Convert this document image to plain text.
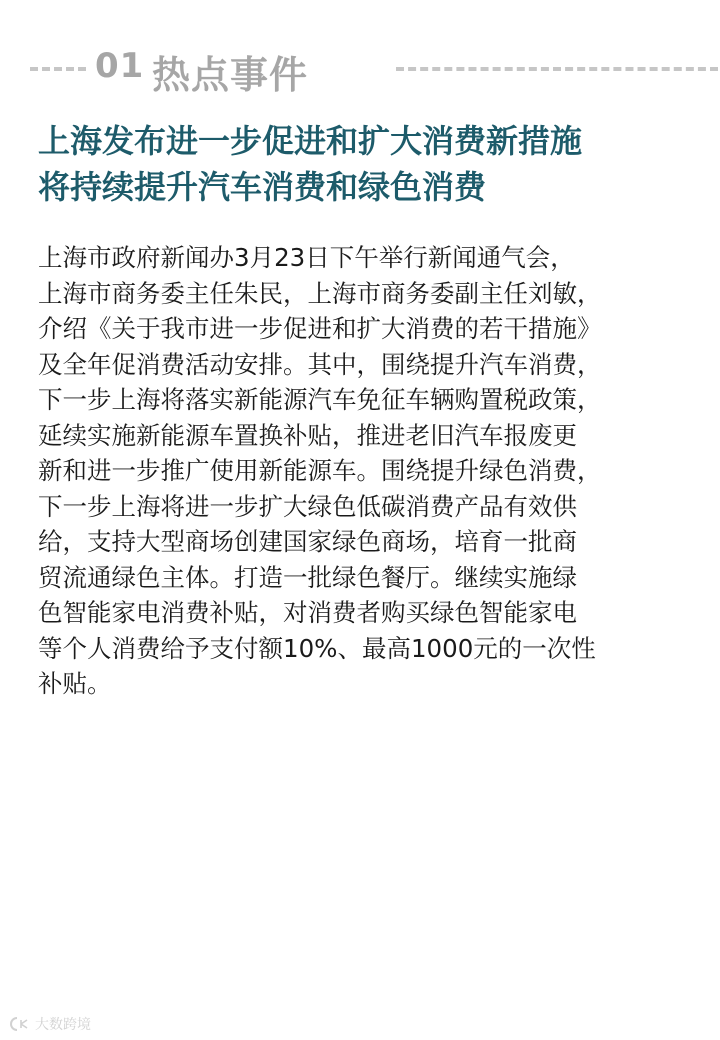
01 热点事件
上海发布进一步促进和扩大消费新措施
将持续提升汽车消费和绿色消费
上海市政府新闻办3月23日下午举行新闻通气会，
上海市商务委主任朱民，上海市商务委副主任刘敏，
介绍《关于我市进一步促进和扩大消费的若干措施》
及全年促消费活动安排。其中，围绕提升汽车消费，
下一步上海将落实新能源汽车免征车辆购置税政策，
延续实施新能源车置换补贴，推进老旧汽车报废更
新和进一步推广使用新能源车。围绕提升绿色消费，
下一步上海将进一步扩大绿色低碳消费产品有效供
给，支持大型商场创建国家绿色商场，培育一批商
贸流通绿色主体。打造一批绿色餐厅。继续实施绿
色智能家电消费补贴，对消费者购买绿色智能家电
等个人消费给予支付额10%、最高1000元的一次性
补贴。
大数跨境
